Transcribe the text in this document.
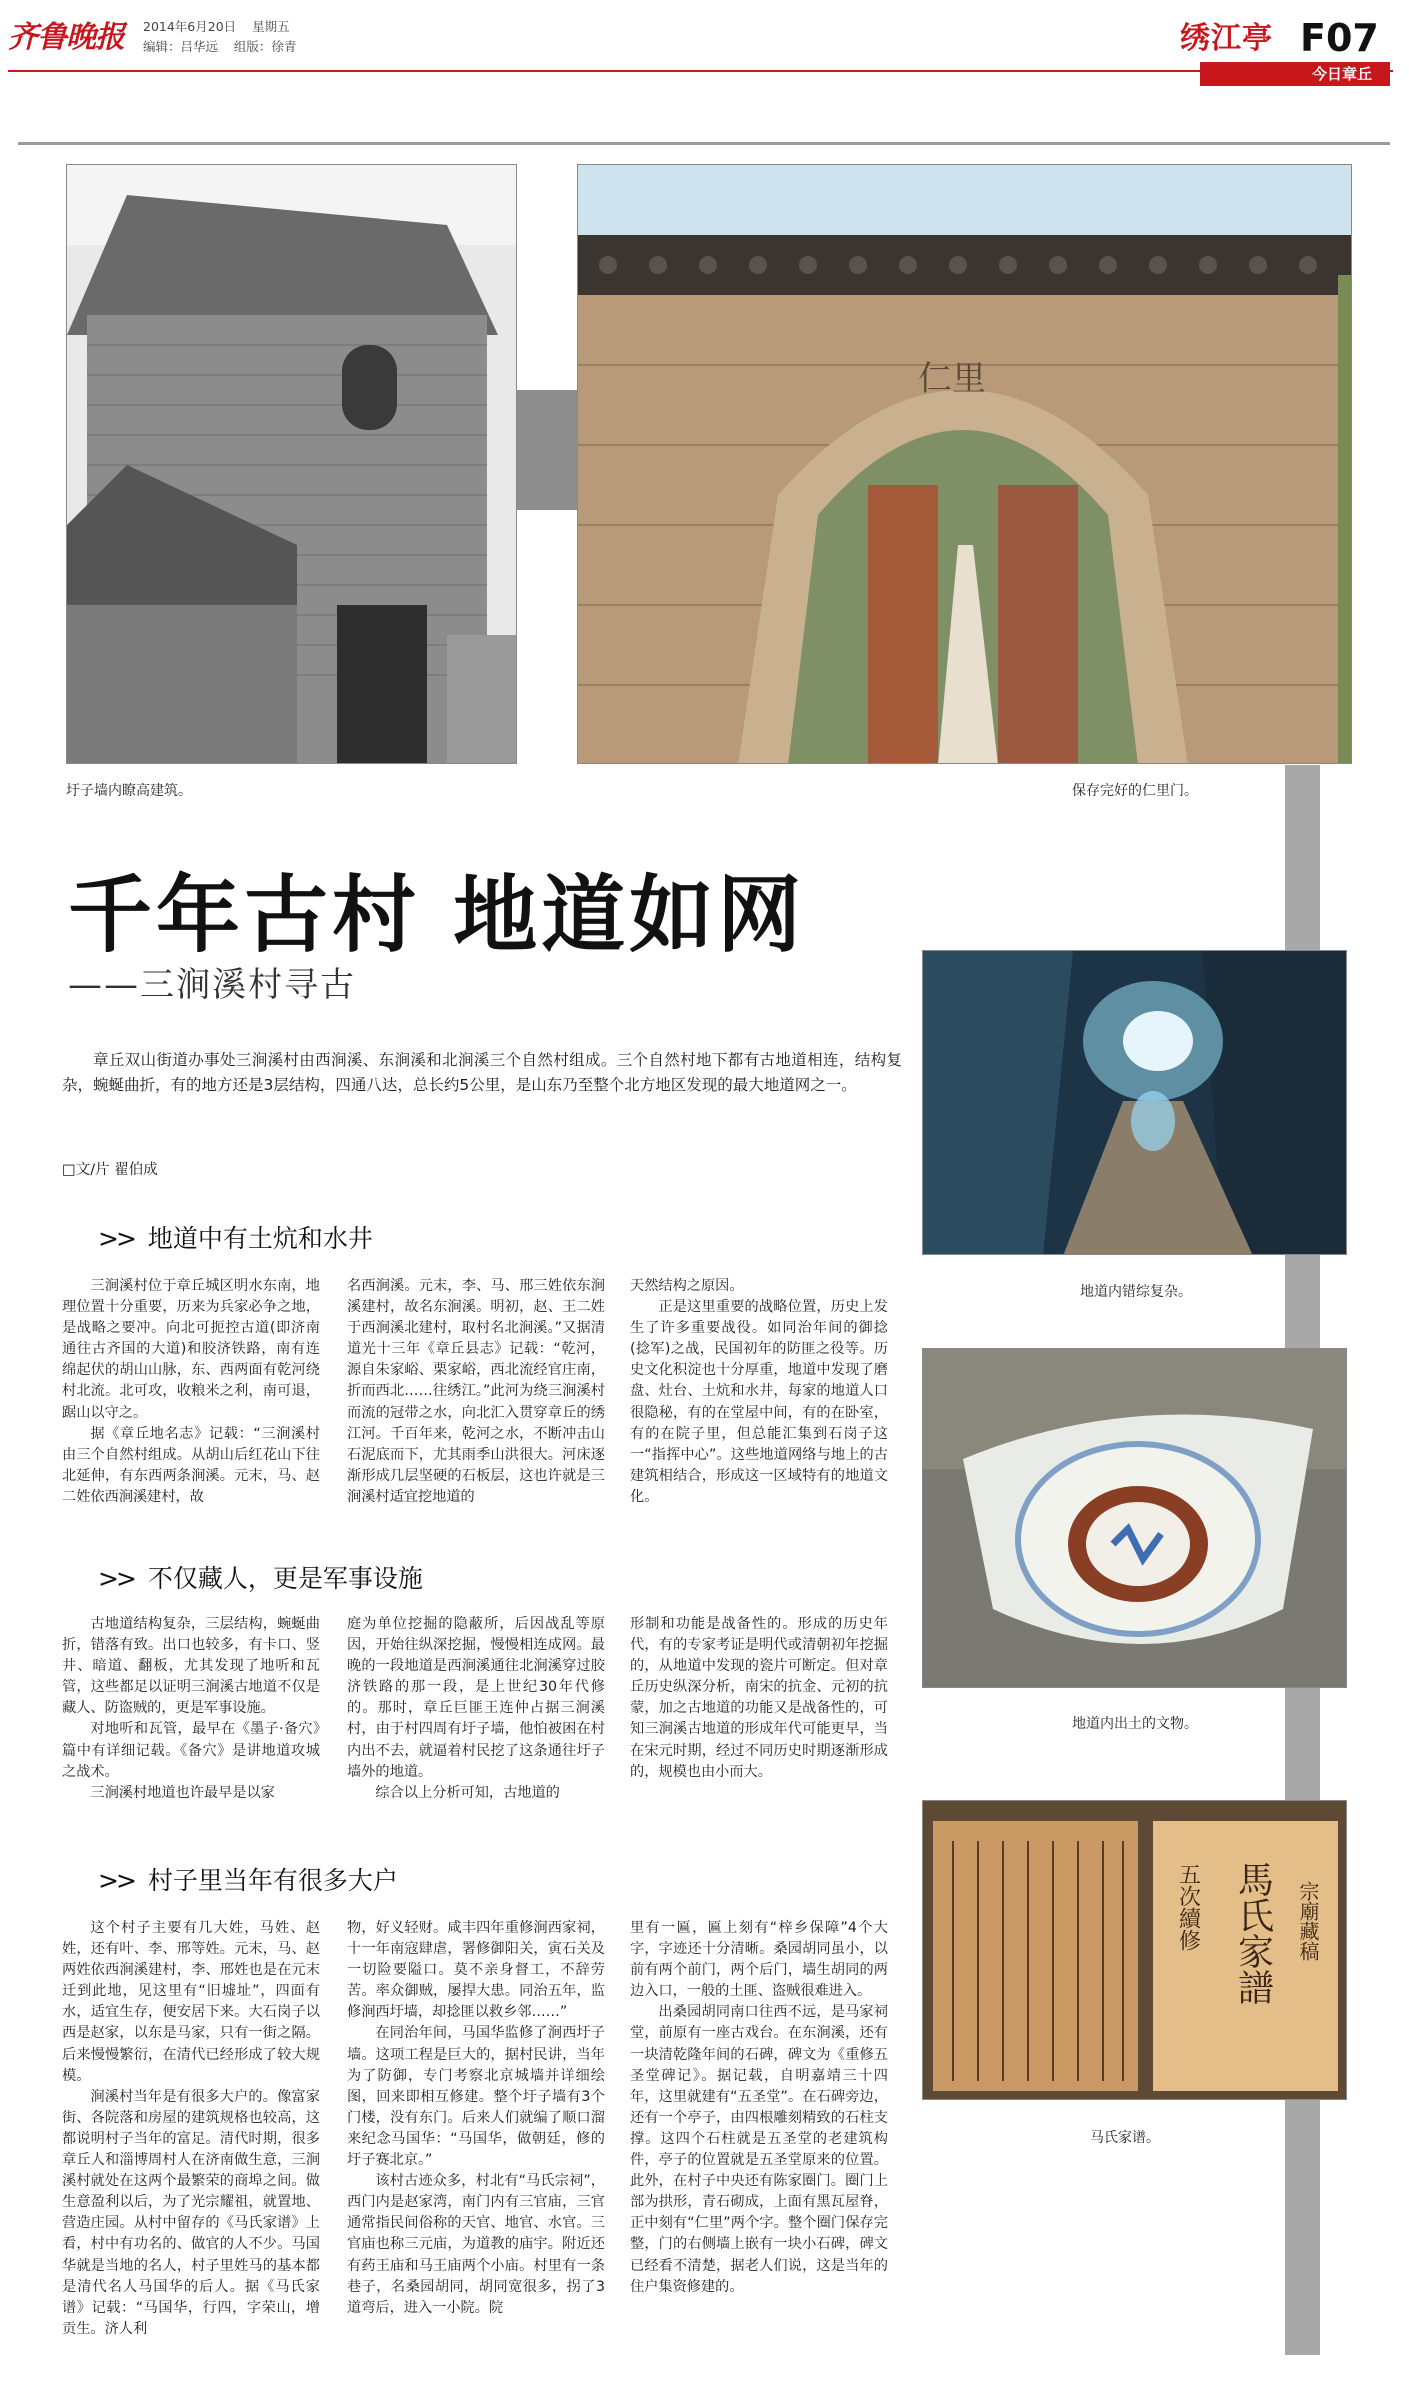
齐鲁晚报	2014年6月20日 星期五
编辑：吕华远 组版：徐青	绣江亭 F07
今日章丘
圩子墙内瞭高建筑。
仁里
保存完好的仁里门。
千年古村 地道如网
——三涧溪村寻古
章丘双山街道办事处三涧溪村由西涧溪、东涧溪和北涧溪三个自然村组成。三个自然村地下都有古地道相连，结构复杂，蜿蜒曲折，有的地方还是3层结构，四通八达，总长约5公里，是山东乃至整个北方地区发现的最大地道网之一。
□文/片 翟伯成
>> 地道中有土炕和水井

三涧溪村位于章丘城区明水东南，地理位置十分重要，历来为兵家必争之地，是战略之要冲。向北可扼控古道(即济南通往古齐国的大道)和胶济铁路，南有连绵起伏的胡山山脉，东、西两面有乾河绕村北流。北可攻，收粮米之利，南可退，踞山以守之。

据《章丘地名志》记载：“三涧溪村由三个自然村组成。从胡山后红花山下往北延伸，有东西两条涧溪。元末，马、赵二姓依西涧溪建村，故

名西涧溪。元末，李、马、邢三姓依东涧溪建村，故名东涧溪。明初，赵、王二姓于西涧溪北建村，取村名北涧溪。”又据清道光十三年《章丘县志》记载：“乾河，源自朱家峪、栗家峪，西北流经官庄南，折而西北……往绣江。”此河为绕三涧溪村而流的冠带之水，向北汇入贯穿章丘的绣江河。千百年来，乾河之水，不断冲击山石泥底而下，尤其雨季山洪很大。河床逐渐形成几层坚硬的石板层，这也许就是三涧溪村适宜挖地道的

天然结构之原因。

正是这里重要的战略位置，历史上发生了许多重要战役。如同治年间的御捻(捻军)之战，民国初年的防匪之役等。历史文化积淀也十分厚重，地道中发现了磨盘、灶台、土炕和水井，每家的地道人口很隐秘，有的在堂屋中间，有的在卧室，有的在院子里，但总能汇集到石岗子这一“指挥中心”。这些地道网络与地上的古建筑相结合，形成这一区域特有的地道文化。

>> 不仅藏人，更是军事设施

古地道结构复杂，三层结构，蜿蜒曲折，错落有致。出口也较多，有卡口、竖井、暗道、翻板，尤其发现了地听和瓦管，这些都足以证明三涧溪古地道不仅是藏人、防盗贼的，更是军事设施。

对地听和瓦管，最早在《墨子·备穴》篇中有详细记载。《备穴》是讲地道攻城之战术。

三涧溪村地道也许最早是以家

庭为单位挖掘的隐蔽所，后因战乱等原因，开始往纵深挖掘，慢慢相连成网。最晚的一段地道是西涧溪通往北涧溪穿过胶济铁路的那一段，是上世纪30年代修的。那时，章丘巨匪王连仲占据三涧溪村，由于村四周有圩子墙，他怕被困在村内出不去，就逼着村民挖了这条通往圩子墙外的地道。

综合以上分析可知，古地道的

形制和功能是战备性的。形成的历史年代，有的专家考证是明代或清朝初年挖掘的，从地道中发现的瓷片可断定。但对章丘历史纵深分析，南宋的抗金、元初的抗蒙，加之古地道的功能又是战备性的，可知三涧溪古地道的形成年代可能更早，当在宋元时期，经过不同历史时期逐渐形成的，规模也由小而大。

>> 村子里当年有很多大户

这个村子主要有几大姓，马姓、赵姓，还有叶、李、邢等姓。元末，马、赵两姓依西涧溪建村，李、邢姓也是在元末迁到此地，见这里有“旧墟址”，四面有水，适宜生存，便安居下来。大石岗子以西是赵家，以东是马家，只有一街之隔。后来慢慢繁衍，在清代已经形成了较大规模。

涧溪村当年是有很多大户的。像富家街、各院落和房屋的建筑规格也较高，这都说明村子当年的富足。清代时期，很多章丘人和淄博周村人在济南做生意，三涧溪村就处在这两个最繁荣的商埠之间。做生意盈利以后，为了光宗耀祖，就置地、营造庄园。从村中留存的《马氏家谱》上看，村中有功名的、做官的人不少。马国华就是当地的名人，村子里姓马的基本都是清代名人马国华的后人。据《马氏家谱》记载：“马国华，行四，字荣山，增贡生。济人利

物，好义轻财。咸丰四年重修涧西家祠，十一年南寇肆虐，署修御阳关，寅石关及一切险要隘口。莫不亲身督工，不辞劳苦。率众御贼，屡捍大患。同治五年，监修涧西圩墙，却捻匪以救乡邻……”

在同治年间，马国华监修了涧西圩子墙。这项工程是巨大的，据村民讲，当年为了防御，专门考察北京城墙并详细绘图，回来即相互修建。整个圩子墙有3个门楼，没有东门。后来人们就编了顺口溜来纪念马国华：“马国华，做朝廷，修的圩子赛北京。”

该村古迹众多，村北有“马氏宗祠”，西门内是赵家湾，南门内有三官庙，三官通常指民间俗称的天官、地官、水官。三官庙也称三元庙，为道教的庙宇。附近还有药王庙和马王庙两个小庙。村里有一条巷子，名桑园胡同，胡同宽很多，拐了3道弯后，进入一小院。院

里有一匾，匾上刻有“梓乡保障”4个大字，字迹还十分清晰。桑园胡同虽小，以前有两个前门，两个后门，墙生胡同的两边入口，一般的土匪、盗贼很难进入。

出桑园胡同南口往西不远，是马家祠堂，前原有一座古戏台。在东涧溪，还有一块清乾隆年间的石碑，碑文为《重修五圣堂碑记》。据记载，自明嘉靖三十四年，这里就建有“五圣堂”。在石碑旁边，还有一个亭子，由四根雕刻精致的石柱支撑。这四个石柱就是五圣堂的老建筑构件，亭子的位置就是五圣堂原来的位置。此外，在村子中央还有陈家圈门。圈门上部为拱形，青石砌成，上面有黑瓦屋脊，正中刻有“仁里”两个字。整个圈门保存完整，门的右侧墙上嵌有一块小石碑，碑文已经看不清楚，据老人们说，这是当年的住户集资修建的。

地道内错综复杂。
地道内出土的文物。
五次續修 馬氏家譜 宗廟藏稿
马氏家谱。
